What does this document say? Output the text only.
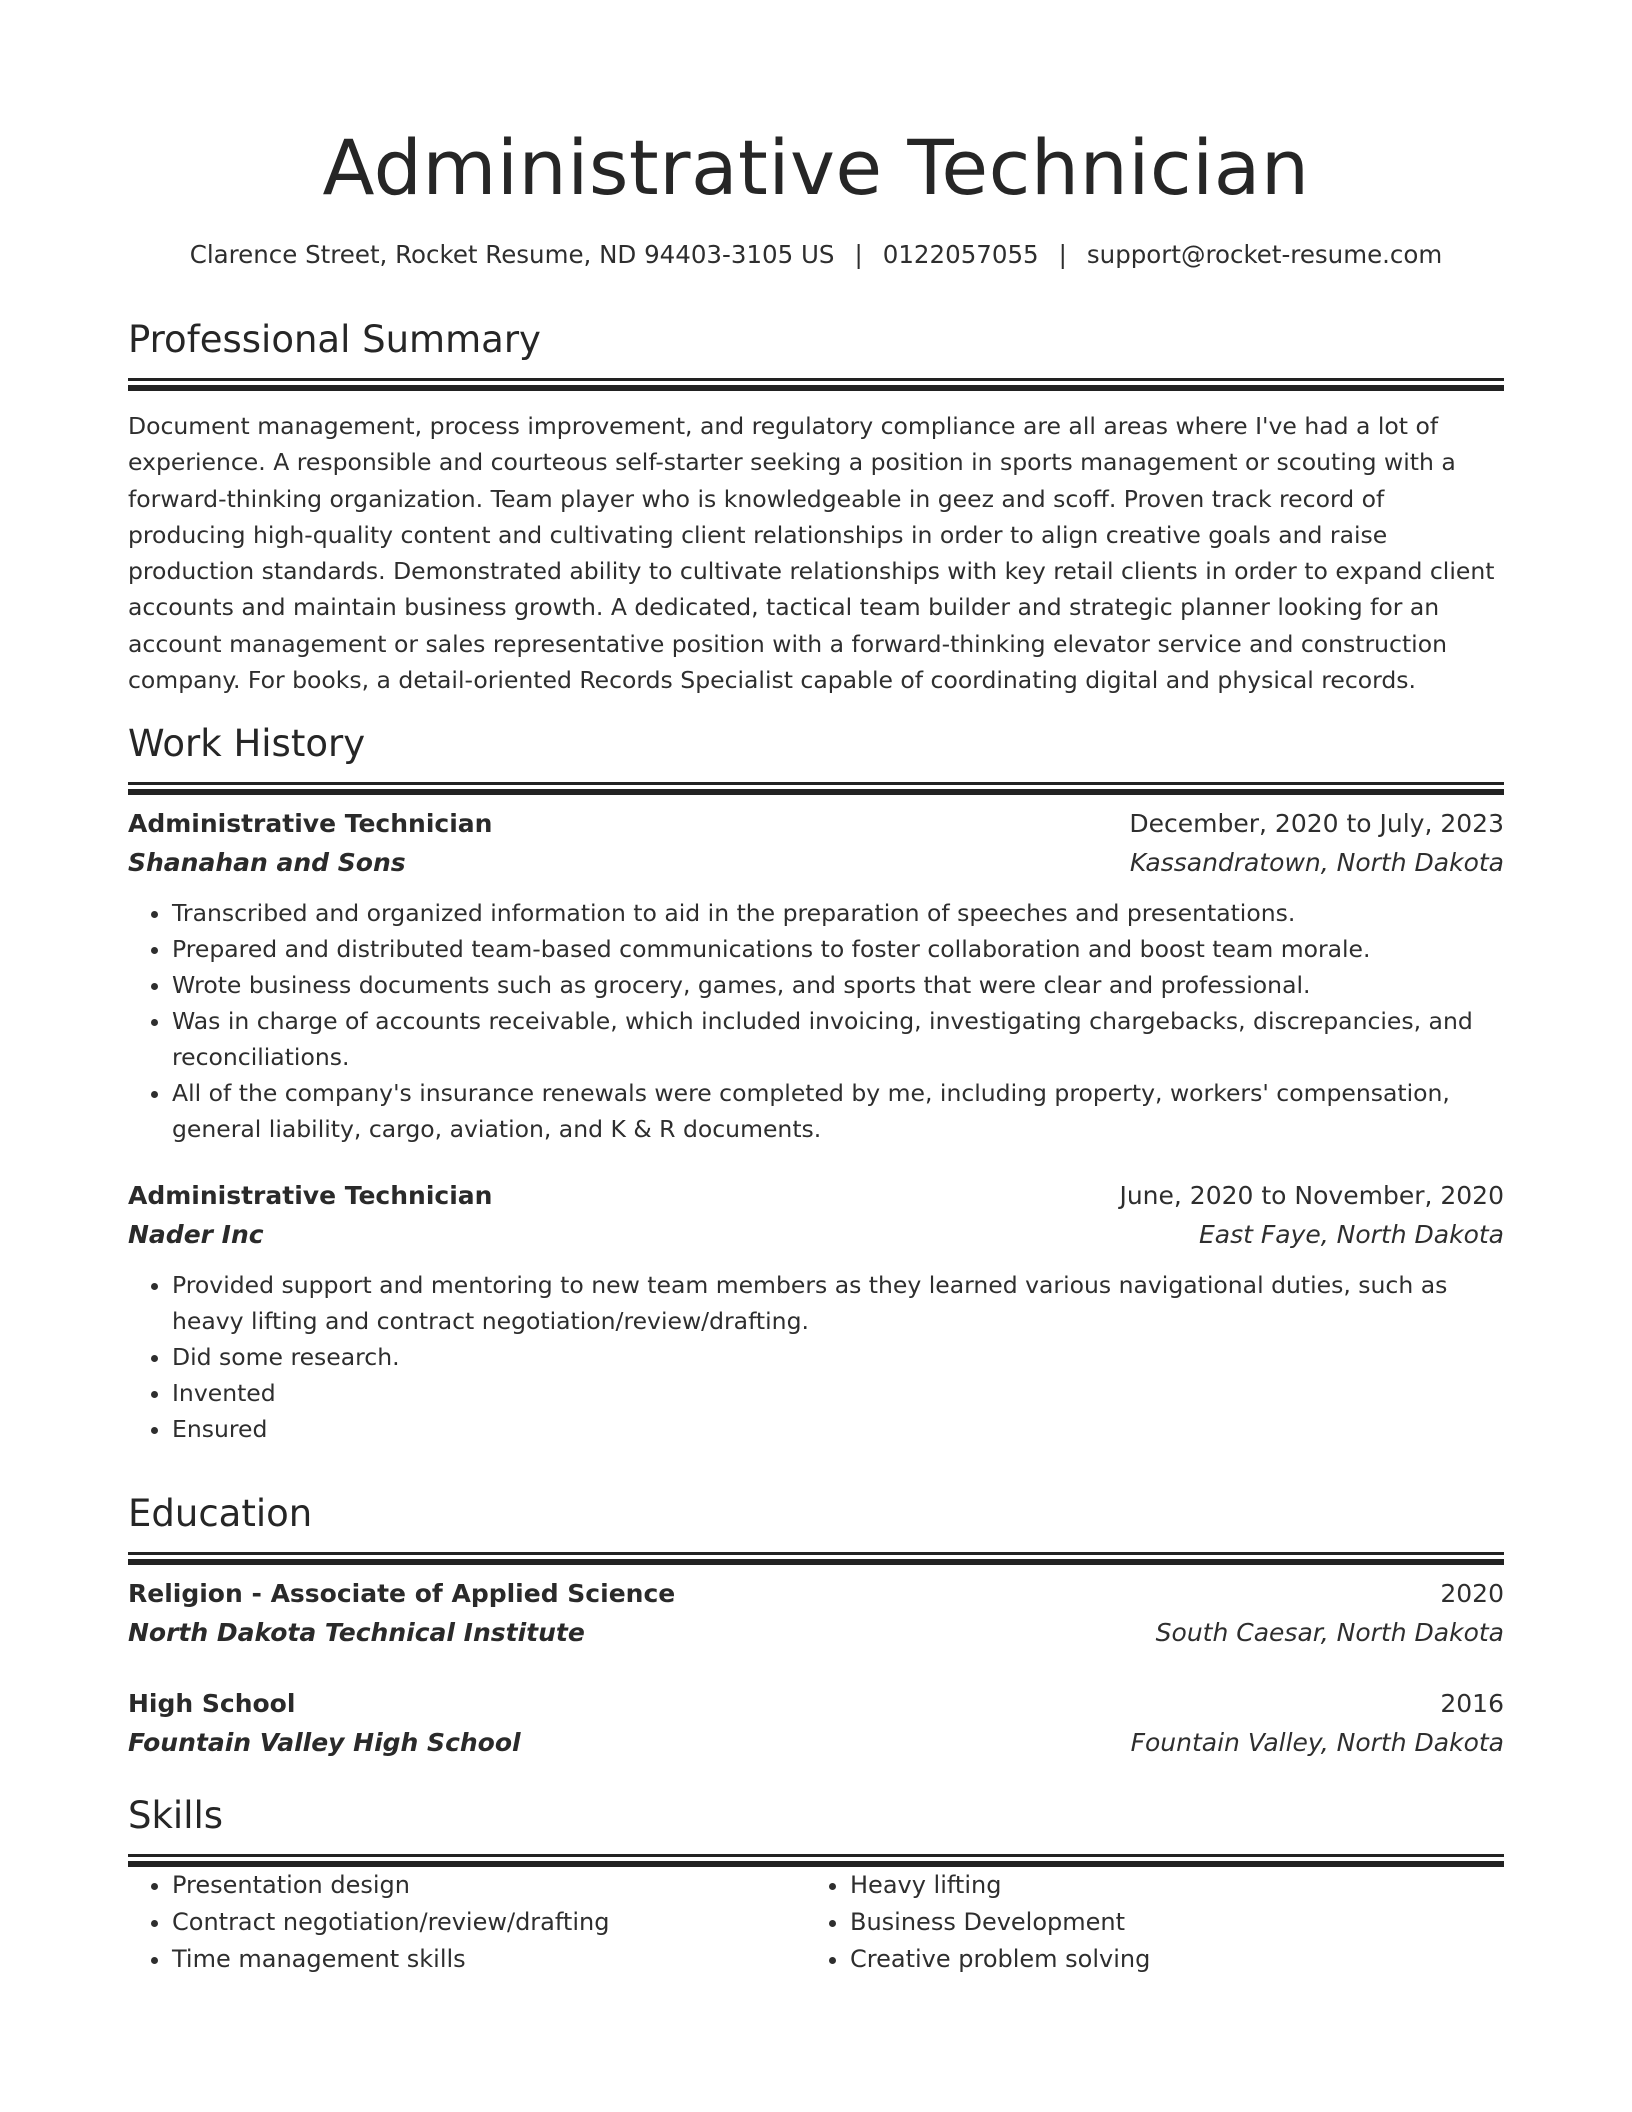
Administrative Technician
Clarence Street, Rocket Resume, ND 94403-3105 US | 0122057055 | support@rocket-resume.com
Professional Summary
Document management, process improvement, and regulatory compliance are all areas where I've had a lot of experience. A responsible and courteous self-starter seeking a position in sports management or scouting with a forward-thinking organization. Team player who is knowledgeable in geez and scoff. Proven track record of producing high-quality content and cultivating client relationships in order to align creative goals and raise production standards. Demonstrated ability to cultivate relationships with key retail clients in order to expand client accounts and maintain business growth. A dedicated, tactical team builder and strategic planner looking for an account management or sales representative position with a forward-thinking elevator service and construction company. For books, a detail-oriented Records Specialist capable of coordinating digital and physical records.
Work History
Administrative Technician	December, 2020 to July, 2023
Shanahan and Sons	Kassandratown, North Dakota
• Transcribed and organized information to aid in the preparation of speeches and presentations.
• Prepared and distributed team-based communications to foster collaboration and boost team morale.
• Wrote business documents such as grocery, games, and sports that were clear and professional.
• Was in charge of accounts receivable, which included invoicing, investigating chargebacks, discrepancies, and reconciliations.
• All of the company's insurance renewals were completed by me, including property, workers' compensation, general liability, cargo, aviation, and K & R documents.
Administrative Technician	June, 2020 to November, 2020
Nader Inc	East Faye, North Dakota
• Provided support and mentoring to new team members as they learned various navigational duties, such as heavy lifting and contract negotiation/review/drafting.
• Did some research.
• Invented
• Ensured
Education
Religion - Associate of Applied Science	2020
North Dakota Technical Institute	South Caesar, North Dakota
High School	2016
Fountain Valley High School	Fountain Valley, North Dakota
Skills
• Presentation design
• Contract negotiation/review/drafting
• Time management skills
• Heavy lifting
• Business Development
• Creative problem solving
